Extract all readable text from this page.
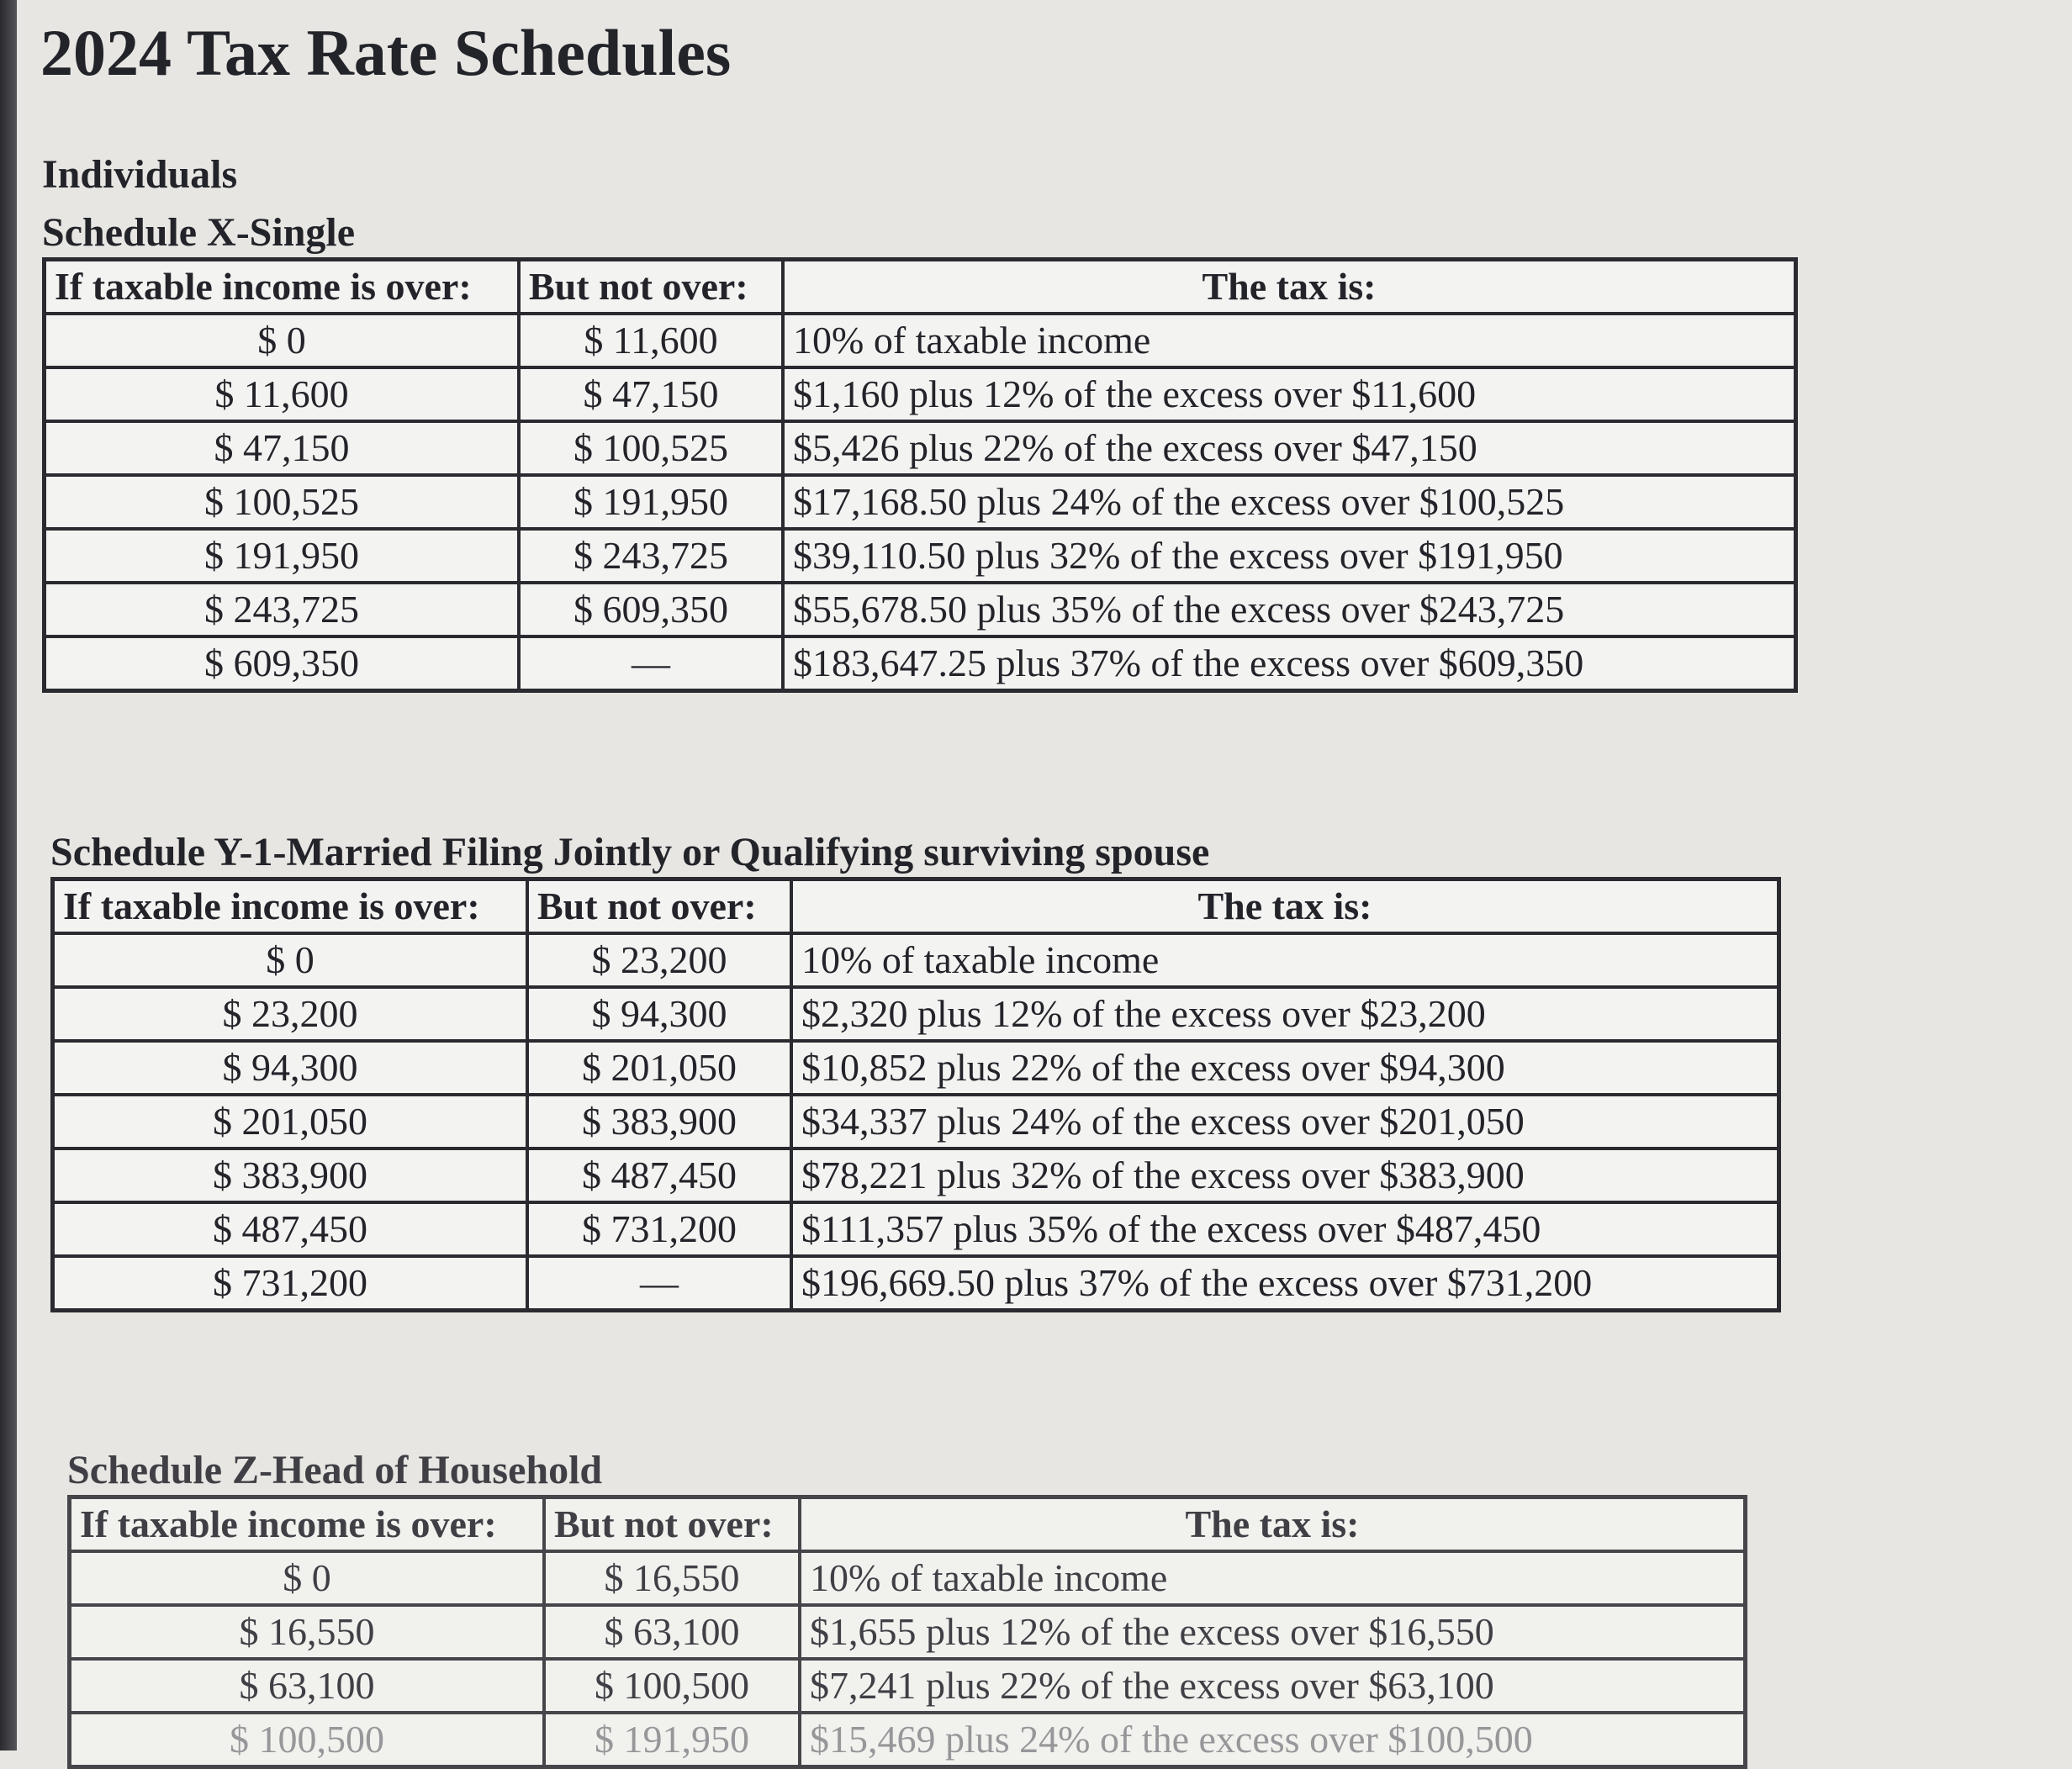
2024 Tax Rate Schedules
Individuals
Schedule X-Single
If taxable income is over:	But not over:	The tax is:
$ 0	$ 11,600	10% of taxable income
$ 11,600	$ 47,150	$1,160 plus 12% of the excess over $11,600
$ 47,150	$ 100,525	$5,426 plus 22% of the excess over $47,150
$ 100,525	$ 191,950	$17,168.50 plus 24% of the excess over $100,525
$ 191,950	$ 243,725	$39,110.50 plus 32% of the excess over $191,950
$ 243,725	$ 609,350	$55,678.50 plus 35% of the excess over $243,725
$ 609,350	—	$183,647.25 plus 37% of the excess over $609,350
Schedule Y-1-Married Filing Jointly or Qualifying surviving spouse
If taxable income is over:	But not over:	The tax is:
$ 0	$ 23,200	10% of taxable income
$ 23,200	$ 94,300	$2,320 plus 12% of the excess over $23,200
$ 94,300	$ 201,050	$10,852 plus 22% of the excess over $94,300
$ 201,050	$ 383,900	$34,337 plus 24% of the excess over $201,050
$ 383,900	$ 487,450	$78,221 plus 32% of the excess over $383,900
$ 487,450	$ 731,200	$111,357 plus 35% of the excess over $487,450
$ 731,200	—	$196,669.50 plus 37% of the excess over $731,200
Schedule Z-Head of Household
If taxable income is over:	But not over:	The tax is:
$ 0	$ 16,550	10% of taxable income
$ 16,550	$ 63,100	$1,655 plus 12% of the excess over $16,550
$ 63,100	$ 100,500	$7,241 plus 22% of the excess over $63,100
$ 100,500	$ 191,950	$15,469 plus 24% of the excess over $100,500
